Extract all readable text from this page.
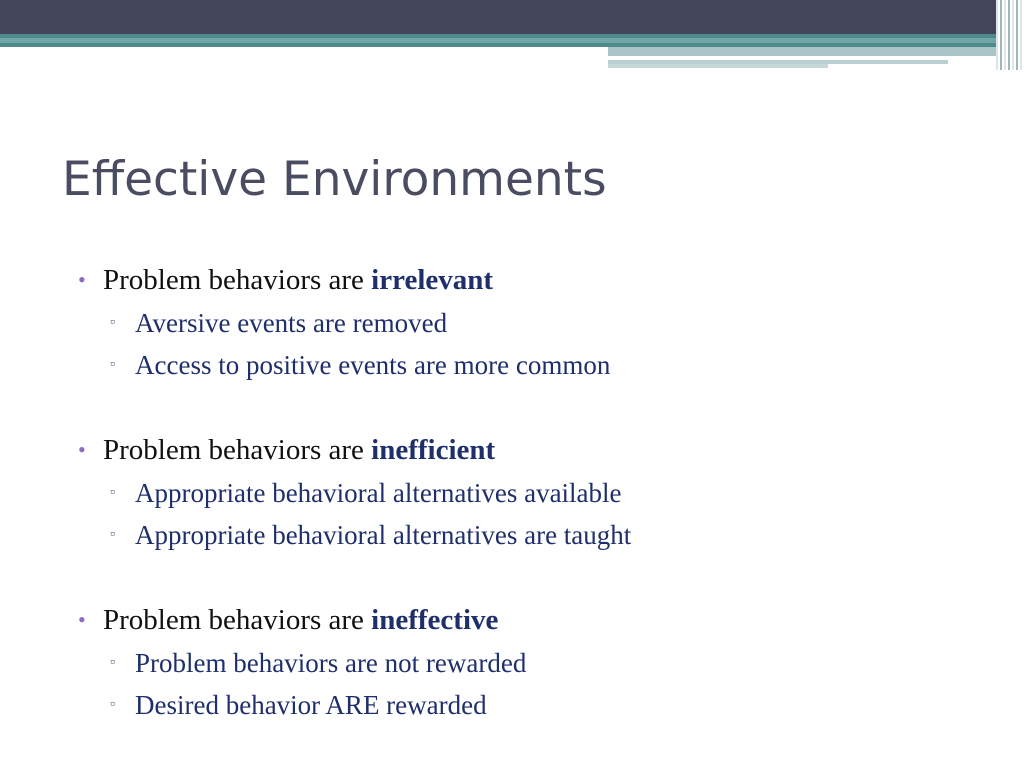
Effective Environments
• Problem behaviors are irrelevant
▫ Aversive events are removed
▫ Access to positive events are more common
• Problem behaviors are inefficient
▫ Appropriate behavioral alternatives available
▫ Appropriate behavioral alternatives are taught
• Problem behaviors are ineffective
▫ Problem behaviors are not rewarded
▫ Desired behavior ARE rewarded
